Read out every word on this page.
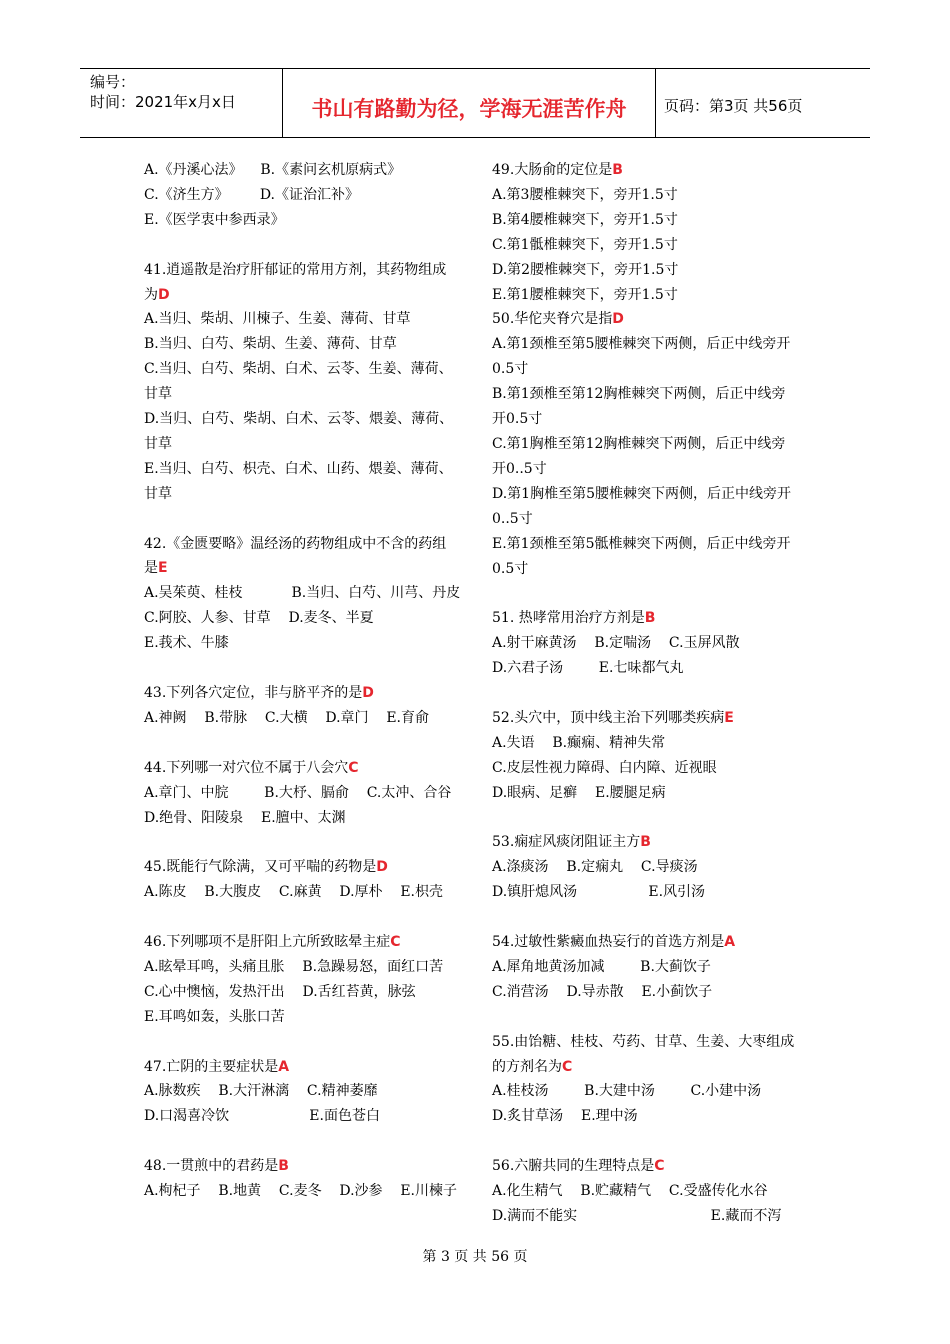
编号：
时间：2021年x月x日	书山有路勤为径，学海无涯苦作舟	页码：第3页 共56页
A.《丹溪心法》    B.《素问玄机原病式》
C.《济生方》       D.《证治汇补》
E.《医学衷中参西录》
41.逍遥散是治疗肝郁证的常用方剂，其药物组成
为D
A.当归、柴胡、川楝子、生姜、薄荷、甘草
B.当归、白芍、柴胡、生姜、薄荷、甘草
C.当归、白芍、柴胡、白术、云苓、生姜、薄荷、
甘草
D.当归、白芍、柴胡、白术、云苓、煨姜、薄荷、
甘草
E.当归、白芍、枳壳、白术、山药、煨姜、薄荷、
甘草
42.《金匮要略》温经汤的药物组成中不含的药组
是E
A.吴茱萸、桂枝           B.当归、白芍、川芎、丹皮
C.阿胶、人参、甘草    D.麦冬、半夏
E.莪术、牛膝
43.下列各穴定位，非与脐平齐的是D
A.神阙    B.带脉    C.大横    D.章门    E.育俞
44.下列哪一对穴位不属于八会穴C
A.章门、中脘        B.大杼、膈俞    C.太冲、合谷
D.绝骨、阳陵泉    E.膻中、太渊
45.既能行气除满，又可平喘的药物是D
A.陈皮    B.大腹皮    C.麻黄    D.厚朴    E.枳壳
46.下列哪项不是肝阳上亢所致眩晕主症C
A.眩晕耳鸣，头痛且胀    B.急躁易怒，面红口苦
C.心中懊恼，发热汗出    D.舌红苔黄，脉弦
E.耳鸣如轰，头胀口苦
47.亡阴的主要症状是A
A.脉数疾    B.大汗淋漓    C.精神萎靡
D.口渴喜冷饮                  E.面色苍白
48.一贯煎中的君药是B
A.枸杞子    B.地黄    C.麦冬    D.沙参    E.川楝子
49.大肠俞的定位是B
A.第3腰椎棘突下，旁开1.5寸
B.第4腰椎棘突下，旁开1.5寸
C.第1骶椎棘突下，旁开1.5寸
D.第2腰椎棘突下，旁开1.5寸
E.第1腰椎棘突下，旁开1.5寸
50.华佗夹脊穴是指D
A.第1颈椎至第5腰椎棘突下两侧，后正中线旁开
0.5寸
B.第1颈椎至第12胸椎棘突下两侧，后正中线旁
开0.5寸
C.第1胸椎至第12胸椎棘突下两侧，后正中线旁
开0..5寸
D.第1胸椎至第5腰椎棘突下两侧，后正中线旁开
0..5寸
E.第1颈椎至第5骶椎棘突下两侧，后正中线旁开
0.5寸
51. 热哮常用治疗方剂是B
A.射干麻黄汤    B.定喘汤    C.玉屏风散
D.六君子汤        E.七味都气丸
52.头穴中，顶中线主治下列哪类疾病E
A.失语    B.癫痫、精神失常
C.皮层性视力障碍、白内障、近视眼
D.眼病、足癣    E.腰腿足病
53.痫症风痰闭阻证主方B
A.涤痰汤    B.定痫丸    C.导痰汤
D.镇肝熄风汤                E.风引汤
54.过敏性紫癜血热妄行的首选方剂是A
A.犀角地黄汤加减        B.大蓟饮子
C.消营汤    D.导赤散    E.小蓟饮子
55.由饴糖、桂枝、芍药、甘草、生姜、大枣组成
的方剂名为C
A.桂枝汤        B.大建中汤        C.小建中汤
D.炙甘草汤    E.理中汤
56.六腑共同的生理特点是C
A.化生精气    B.贮藏精气    C.受盛传化水谷
D.满而不能实                              E.藏而不泻
第 3 页 共 56 页
